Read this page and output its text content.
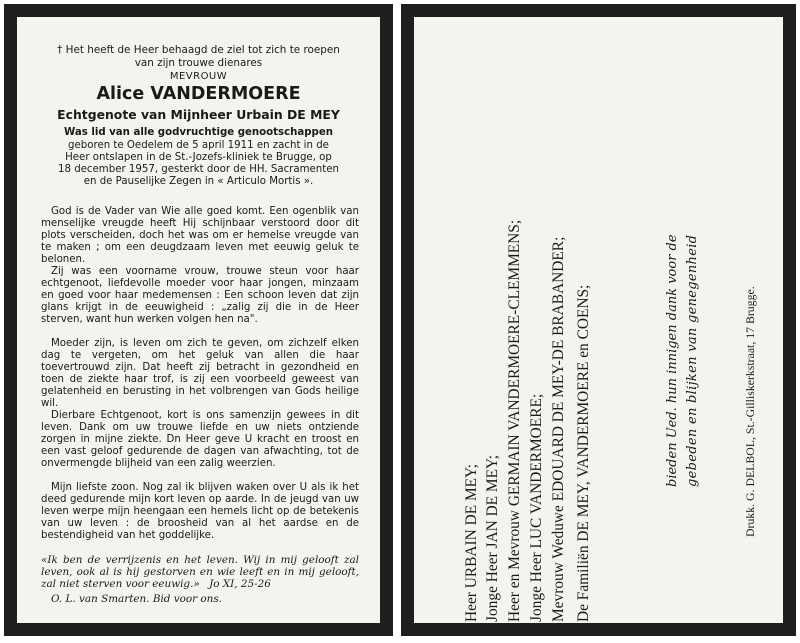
† Het heeft de Heer behaagd de ziel tot zich te roepen
van zijn trouwe dienares
MEVROUW
Alice VANDERMOERE
Echtgenote van Mijnheer Urbain DE MEY
Was lid van alle godvruchtige genootschappen
geboren te Oedelem de 5 april 1911 en zacht in de
Heer ontslapen in de St.-Jozefs-kliniek te Brugge, op
18 december 1957, gesterkt door de HH. Sacramenten
en de Pauselijke Zegen in « Articulo Mortis ».
God is de Vader van Wie alle goed komt. Een ogenblik van menselijke vreugde heeft Hij schijnbaar verstoord door dit plots verscheiden, doch het was om er hemelse vreugde van te maken ; om een deugdzaam leven met eeuwig geluk te belonen.
Zij was een voorname vrouw, trouwe steun voor haar echtgenoot, liefdevolle moeder voor haar jongen, minzaam en goed voor haar medemensen : Een schoon leven dat zijn glans krijgt in de eeuwigheid : „zalig zij die in de Heer sterven, want hun werken volgen hen na".
Moeder zijn, is leven om zich te geven, om zichzelf elken dag te vergeten, om het geluk van allen die haar toevertrouwd zijn. Dat heeft zij betracht in gezondheid en toen de ziekte haar trof, is zij een voorbeeld geweest van gelatenheid en berusting in het volbrengen van Gods heilige wil.
Dierbare Echtgenoot, kort is ons samenzijn gewees in dit leven. Dank om uw trouwe liefde en uw niets ontziende zorgen in mijne ziekte. Dn Heer geve U kracht en troost en een vast geloof gedurende de dagen van afwachting, tot de onvermengde blijheid van een zalig weerzien.
Mijn liefste zoon. Nog zal ik blijven waken over U als ik het deed gedurende mijn kort leven op aarde. In de jeugd van uw leven werpe mijn heengaan een hemels licht op de betekenis van uw leven : de broosheid van al het aardse en de bestendigheid van het goddelijke.
«Ik ben de verrijzenis en het leven. Wij in mij gelooft zal leven, ook al is hij gestorven en wie leeft en in mij gelooft, zal niet sterven voor eeuwig.» Jo XI, 25-26
O. L. van Smarten. Bid voor ons.	Heer URBAIN DE MEY; Jonge Heer JAN DE MEY; Heer en Mevrouw GERMAIN VANDERMOERE-CLEMMENS; Jonge Heer LUC VANDERMOERE; Mevrouw Weduwe EDOUARD DE MEY-DE BRABANDER; De Familiën DE MEY, VANDERMOERE en COENS;	bieden Ued. hun innigen dank voor de gebeden en blijken van genegenheid	Drukk. G. DELBOL, St.-Gilliskerkstraat, 17 Brugge.
